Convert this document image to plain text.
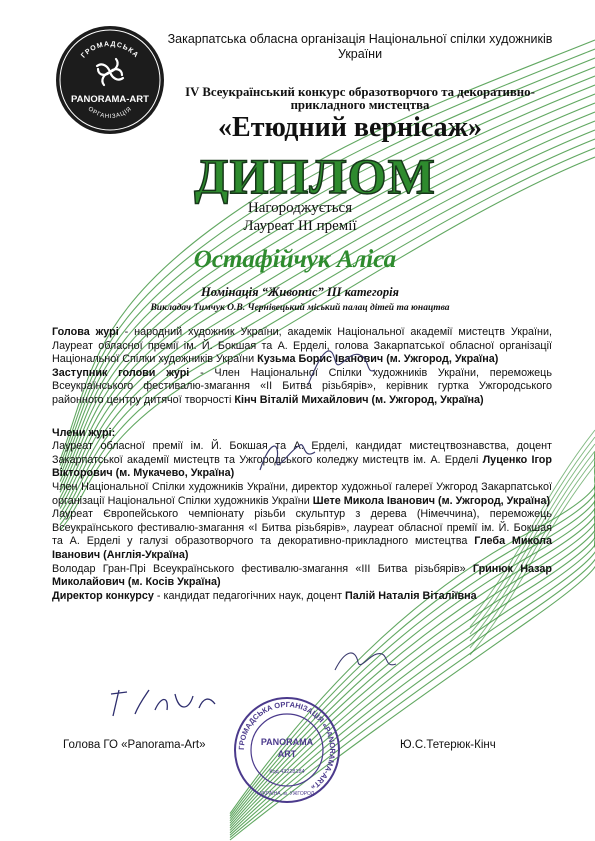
ГРОМАДСЬКА
PANORAMA-ART
ОРГАНІЗАЦІЯ
Закарпатська обласна організація Національної спілки художників України
IV Всеукраїнський конкурс образотворчого та декоративно-прикладного мистецтва
«Етюдний вернісаж»
ДИПЛОМ
Нагороджується
Лауреат III премії
Остафійчук Аліса
Номінація “Живопис” III категорія
Викладач Тимчук О.В. Чернівецький міський палац дітей та юнацтва

Голова журі - народний художник України, академік Національної академії мистецтв України, Лауреат обласної премії ім. Й. Бокшая та А. Ерделі, голова Закарпатської обласної організації Національної Спілки художників України Кузьма Борис Іванович (м. Ужгород, Україна)

Заступник голови журі - Член Національної Спілки художників України, переможець Всеукраїнського фестивалю-змагання «ІІ Битва різьбярів», керівник гуртка Ужгородського районного центру дитячої творчості Кінч Віталій Михайлович (м. Ужгород, Україна)

Члени журі:

Лауреат обласної премії ім. Й. Бокшая та А. Ерделі, кандидат мистецтвознавства, доцент Закарпатської академії мистецтв та Ужгородського коледжу мистецтв ім. А. Ерделі Луценко Ігор Вікторович (м. Мукачево, Україна)

Член Національної Спілки художників України, директор художньої галереї Ужгород Закарпатської організації Національної Спілки художників України Шете Микола Іванович (м. Ужгород, Україна)

Лауреат Європейського чемпіонату різьби скульптур з дерева (Німеччина), переможець Всеукраїнського фестивалю-змагання «І Битва різьбярів», лауреат обласної премії ім. Й. Бокшая та А. Ерделі у галузі образотворчого та декоративно-прикладного мистецтва Глеба Микола Іванович (Англія-Україна)

Володар Гран-Прі Всеукраїнського фестивалю-змагання «ІІІ Битва різьбярів» Гринюк Назар Миколайович (м. Косів Україна)

Директор конкурсу - кандидат педагогічних наук, доцент Палій Наталія Віталіївна

Голова ГО «Panorama-Art»	Ю.С.Тетерюк-Кінч
ГРОМАДСЬКА ОРГАНІЗАЦІЯ «PANORAMA-ART»
PANORAMA
ART
Код 43228184
УКРАЇНА, м. УЖГОРОД
